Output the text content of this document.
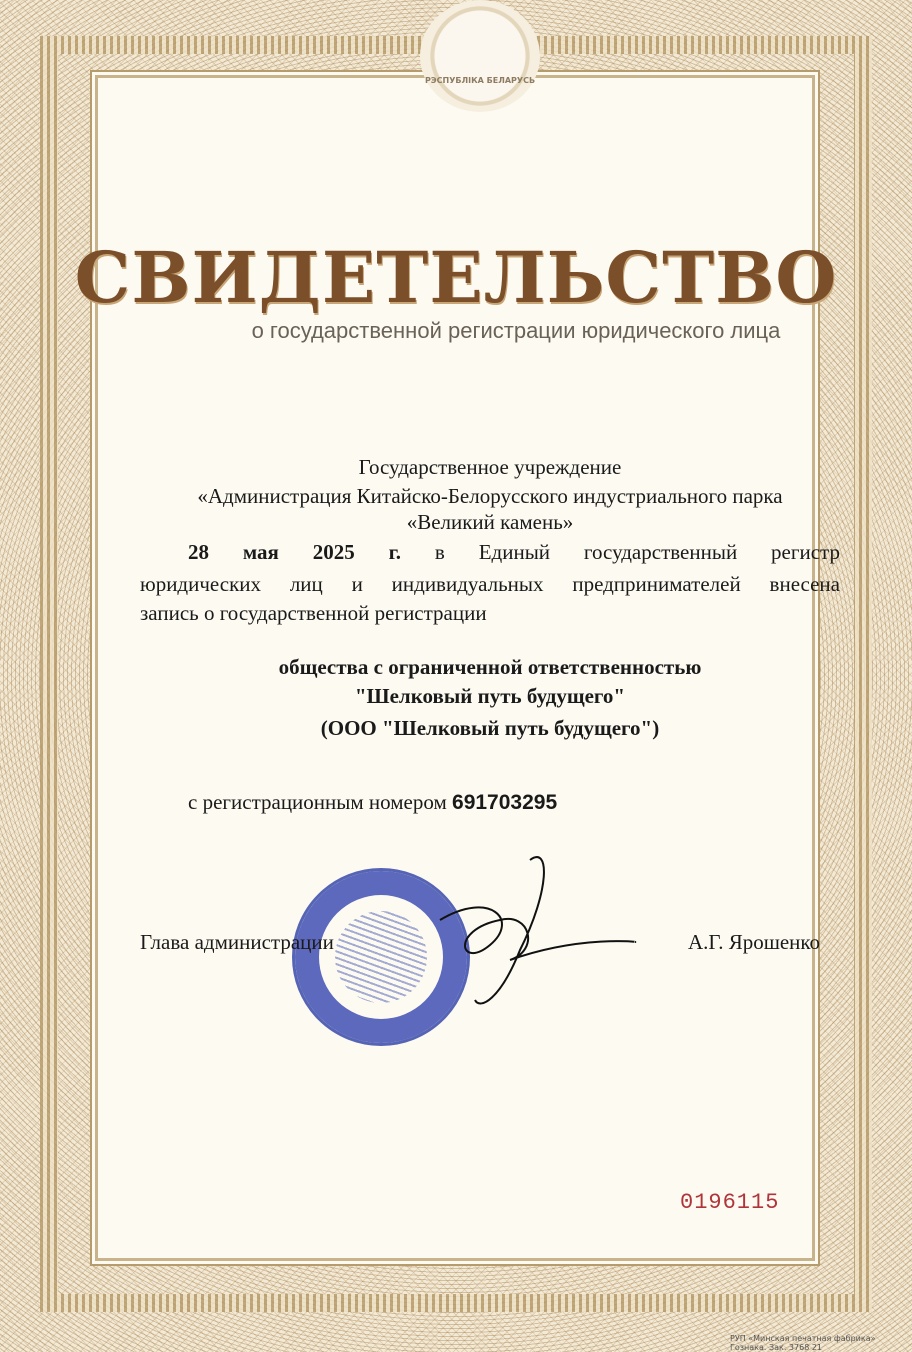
РЭСПУБЛІКА БЕЛАРУСЬ
СВИДЕТЕЛЬСТВО
о государственной регистрации юридического лица
Государственное учреждение
«Администрация Китайско-Белорусского индустриального парка
«Великий камень»
28 мая 2025 г. в Единый государственный регистр
юридических лиц и индивидуальных предпринимателей внесена
запись о государственной регистрации
общества с ограниченной ответственностью
"Шелковый путь будущего"
(ООО "Шелковый путь будущего")
с регистрационным номером 691703295
Глава администрации	А.Г. Ярошенко
0196115
РУП «Минская печатная фабрика» Гознака. Зак. 3768 21
